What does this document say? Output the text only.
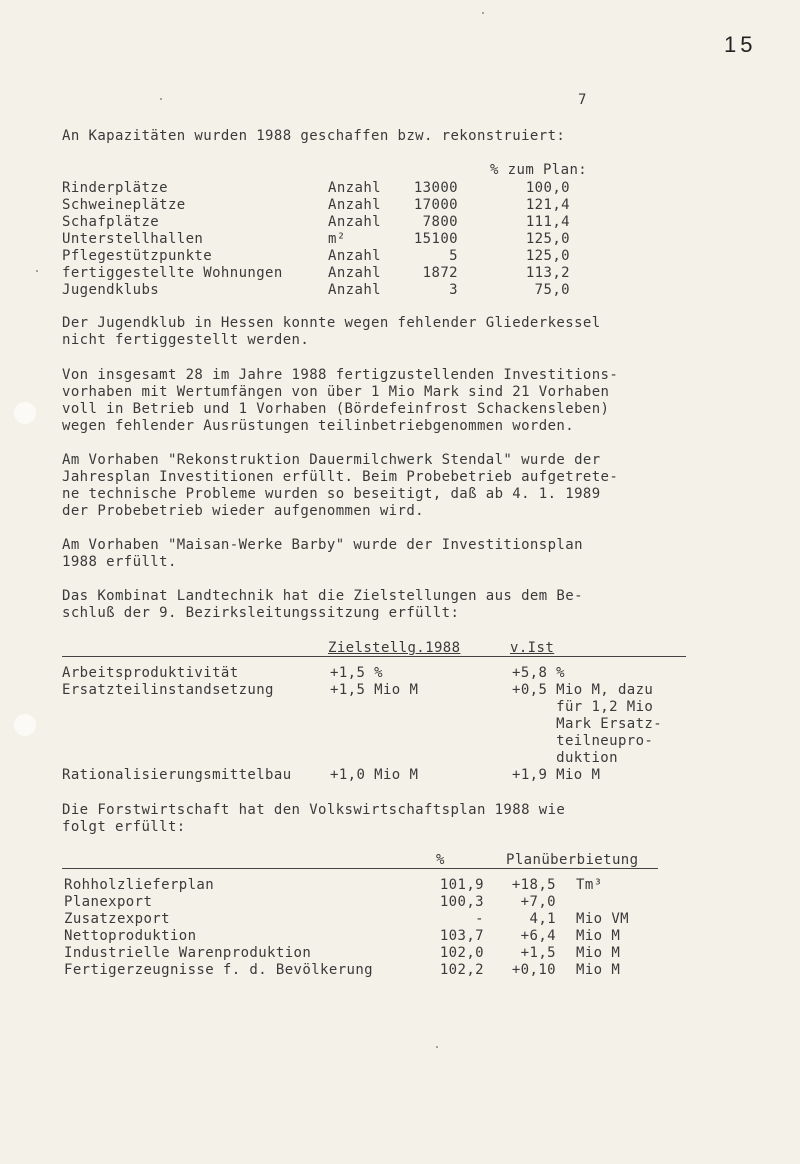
15
7
An Kapazitäten wurden 1988 geschaffen bzw. rekonstruiert:
% zum Plan:
Rinderplätze	Anzahl	13000	100,0
Schweineplätze	Anzahl	17000	121,4
Schafplätze	Anzahl	7800	111,4
Unterstellhallen	m²	15100	125,0
Pflegestützpunkte	Anzahl	5	125,0
fertiggestellte Wohnungen	Anzahl	1872	113,2
Jugendklubs	Anzahl	3	75,0
Der Jugendklub in Hessen konnte wegen fehlender Gliederkessel
nicht fertiggestellt werden.
Von insgesamt 28 im Jahre 1988 fertigzustellenden Investitions-
vorhaben mit Wertumfängen von über 1 Mio Mark sind 21 Vorhaben
voll in Betrieb und 1 Vorhaben (Bördefeinfrost Schackensleben)
wegen fehlender Ausrüstungen teilinbetriebgenommen worden.
Am Vorhaben "Rekonstruktion Dauermilchwerk Stendal" wurde der
Jahresplan Investitionen erfüllt. Beim Probebetrieb aufgetrete-
ne technische Probleme wurden so beseitigt, daß ab 4. 1. 1989
der Probebetrieb wieder aufgenommen wird.
Am Vorhaben "Maisan-Werke Barby" wurde der Investitionsplan
1988 erfüllt.
Das Kombinat Landtechnik hat die Zielstellungen aus dem Be-
schluß der 9. Bezirksleitungssitzung erfüllt:
Zielstellg.1988	v.Ist
Arbeitsproduktivität	+1,5 %	+5,8 %
Ersatzteilinstandsetzung	+1,5 Mio M	+0,5 Mio M, dazu
für 1,2 Mio
Mark Ersatz-
teilneupro-
duktion
Rationalisierungsmittelbau	+1,0 Mio M	+1,9 Mio M
Die Forstwirtschaft hat den Volkswirtschaftsplan 1988 wie
folgt erfüllt:
%	Planüberbietung
Rohholzlieferplan	101,9	+18,5 Tm³
Planexport	100,3	+7,0
Zusatzexport	-	4,1 Mio VM
Nettoproduktion	103,7	+6,4 Mio M
Industrielle Warenproduktion	102,0	+1,5 Mio M
Fertigerzeugnisse f. d. Bevölkerung	102,2	+0,10 Mio M
